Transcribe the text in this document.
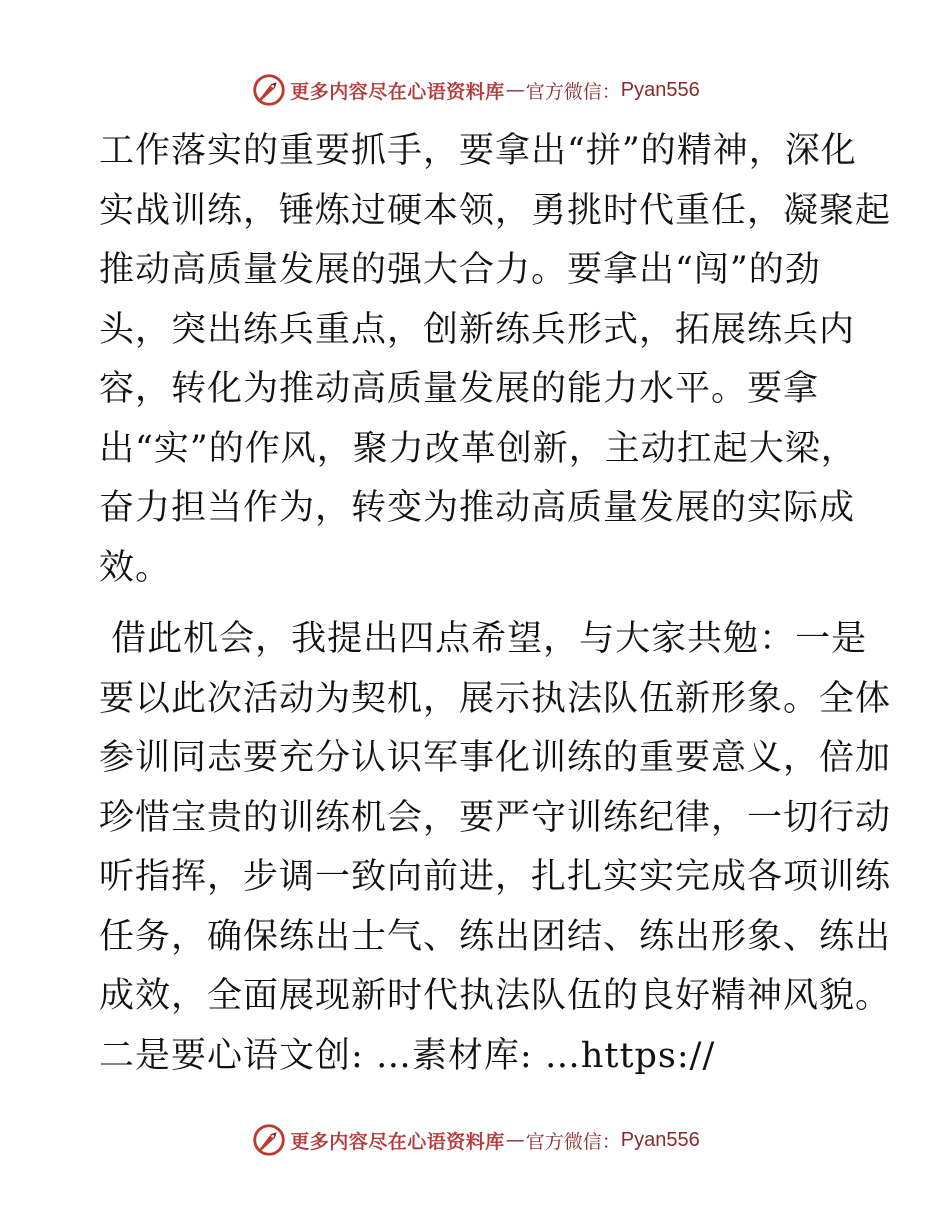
更多内容尽在心语资料库 — 官方微信： Pyan556
工作落实的重要抓手，要拿出“拼”的精神，深化
实战训练，锤炼过硬本领，勇挑时代重任，凝聚起
推动高质量发展的强大合力。要拿出“闯”的劲
头，突出练兵重点，创新练兵形式，拓展练兵内
容，转化为推动高质量发展的能力水平。要拿
出“实”的作风，聚力改革创新，主动扛起大梁，
奋力担当作为，转变为推动高质量发展的实际成
效。
借此机会，我提出四点希望，与大家共勉：一是
要以此次活动为契机，展示执法队伍新形象。全体
参训同志要充分认识军事化训练的重要意义，倍加
珍惜宝贵的训练机会，要严守训练纪律，一切行动
听指挥，步调一致向前进，扎扎实实完成各项训练
任务，确保练出士气、练出团结、练出形象、练出
成效，全面展现新时代执法队伍的良好精神风貌。
二是要心语文创: …素材库: …https://
更多内容尽在心语资料库 — 官方微信： Pyan556
